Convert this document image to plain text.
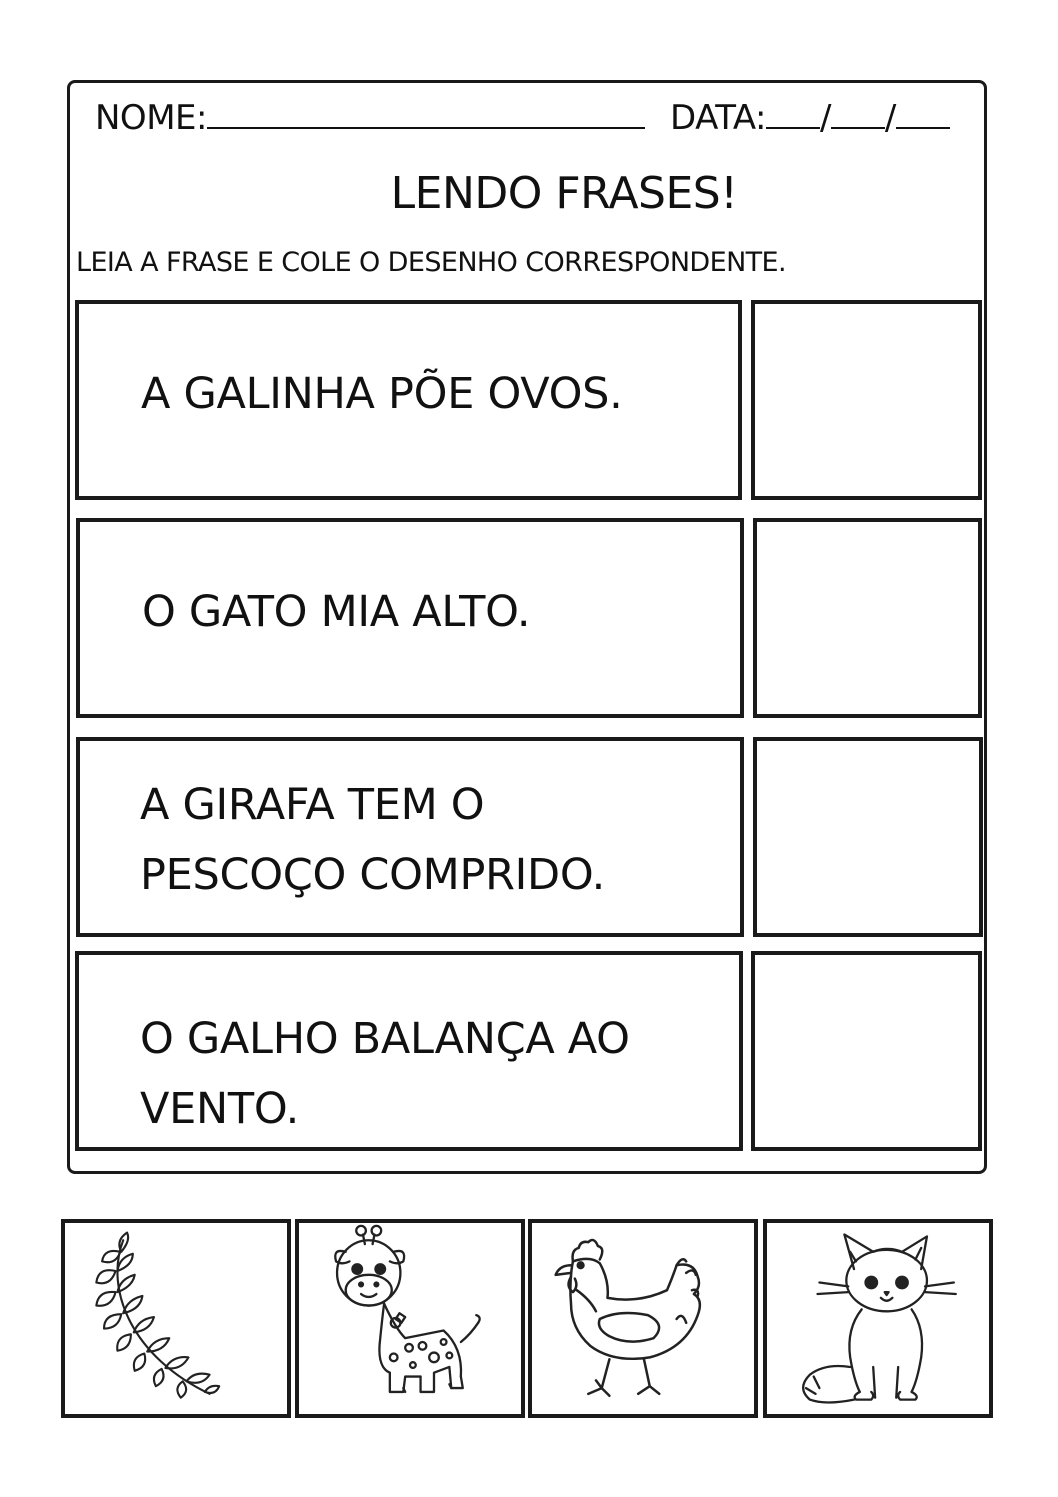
NOME:	DATA: / /
LENDO FRASES!
LEIA A FRASE E COLE O DESENHO CORRESPONDENTE.
A GALINHA PÕE OVOS.
O GATO MIA ALTO.
A GIRAFA TEM O
PESCOÇO COMPRIDO.
O GALHO BALANÇA AO
VENTO.
